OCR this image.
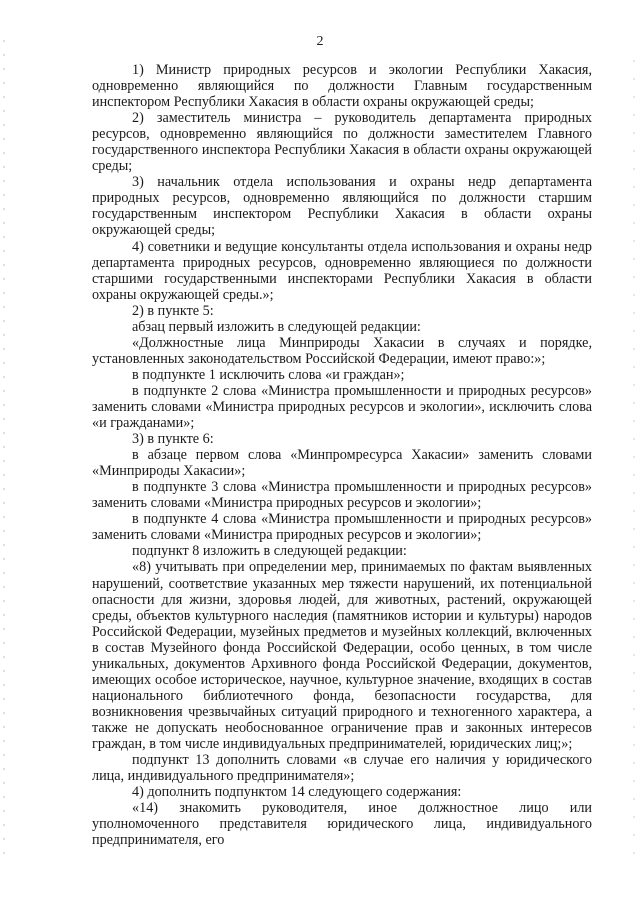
2

1) Министр природных ресурсов и экологии Республики Хакасия, одновременно являющийся по должности Главным государственным инспектором Республики Хакасия в области охраны окружающей среды;

2) заместитель министра – руководитель департамента природных ресурсов, одновременно являющийся по должности заместителем Главного государственного инспектора Республики Хакасия в области охраны окружающей среды;

3) начальник отдела использования и охраны недр департамента природных ресурсов, одновременно являющийся по должности старшим государственным инспектором Республики Хакасия в области охраны окружающей среды;

4) советники и ведущие консультанты отдела использования и охраны недр департамента природных ресурсов, одновременно являющиеся по должности старшими государственными инспекторами Республики Хакасия в области охраны окружающей среды.»;

2) в пункте 5:

абзац первый изложить в следующей редакции:

«Должностные лица Минприроды Хакасии в случаях и порядке, установленных законодательством Российской Федерации, имеют право:»;

в подпункте 1 исключить слова «и граждан»;

в подпункте 2 слова «Министра промышленности и природных ресурсов» заменить словами «Министра природных ресурсов и экологии», исключить слова «и гражданами»;

3) в пункте 6:

в абзаце первом слова «Минпромресурса Хакасии» заменить словами «Минприроды Хакасии»;

в подпункте 3 слова «Министра промышленности и природных ресурсов» заменить словами «Министра природных ресурсов и экологии»;

в подпункте 4 слова «Министра промышленности и природных ресурсов» заменить словами «Министра природных ресурсов и экологии»;

подпункт 8 изложить в следующей редакции:

«8) учитывать при определении мер, принимаемых по фактам выявленных нарушений, соответствие указанных мер тяжести нарушений, их потенциальной опасности для жизни, здоровья людей, для животных, растений, окружающей среды, объектов культурного наследия (памятников истории и культуры) народов Российской Федерации, музейных предметов и музейных коллекций, включенных в состав Музейного фонда Российской Федерации, особо ценных, в том числе уникальных, документов Архивного фонда Российской Федерации, документов, имеющих особое историческое, научное, культурное значение, входящих в состав национального библиотечного фонда, безопасности государства, для возникновения чрезвычайных ситуаций природного и техногенного характера, а также не допускать необоснованное ограничение прав и законных интересов граждан, в том числе индивидуальных предпринимателей, юридических лиц;»;

подпункт 13 дополнить словами «в случае его наличия у юридического лица, индивидуального предпринимателя»;

4) дополнить подпунктом 14 следующего содержания:

«14) знакомить руководителя, иное должностное лицо или уполномоченного представителя юридического лица, индивидуального предпринимателя, его
